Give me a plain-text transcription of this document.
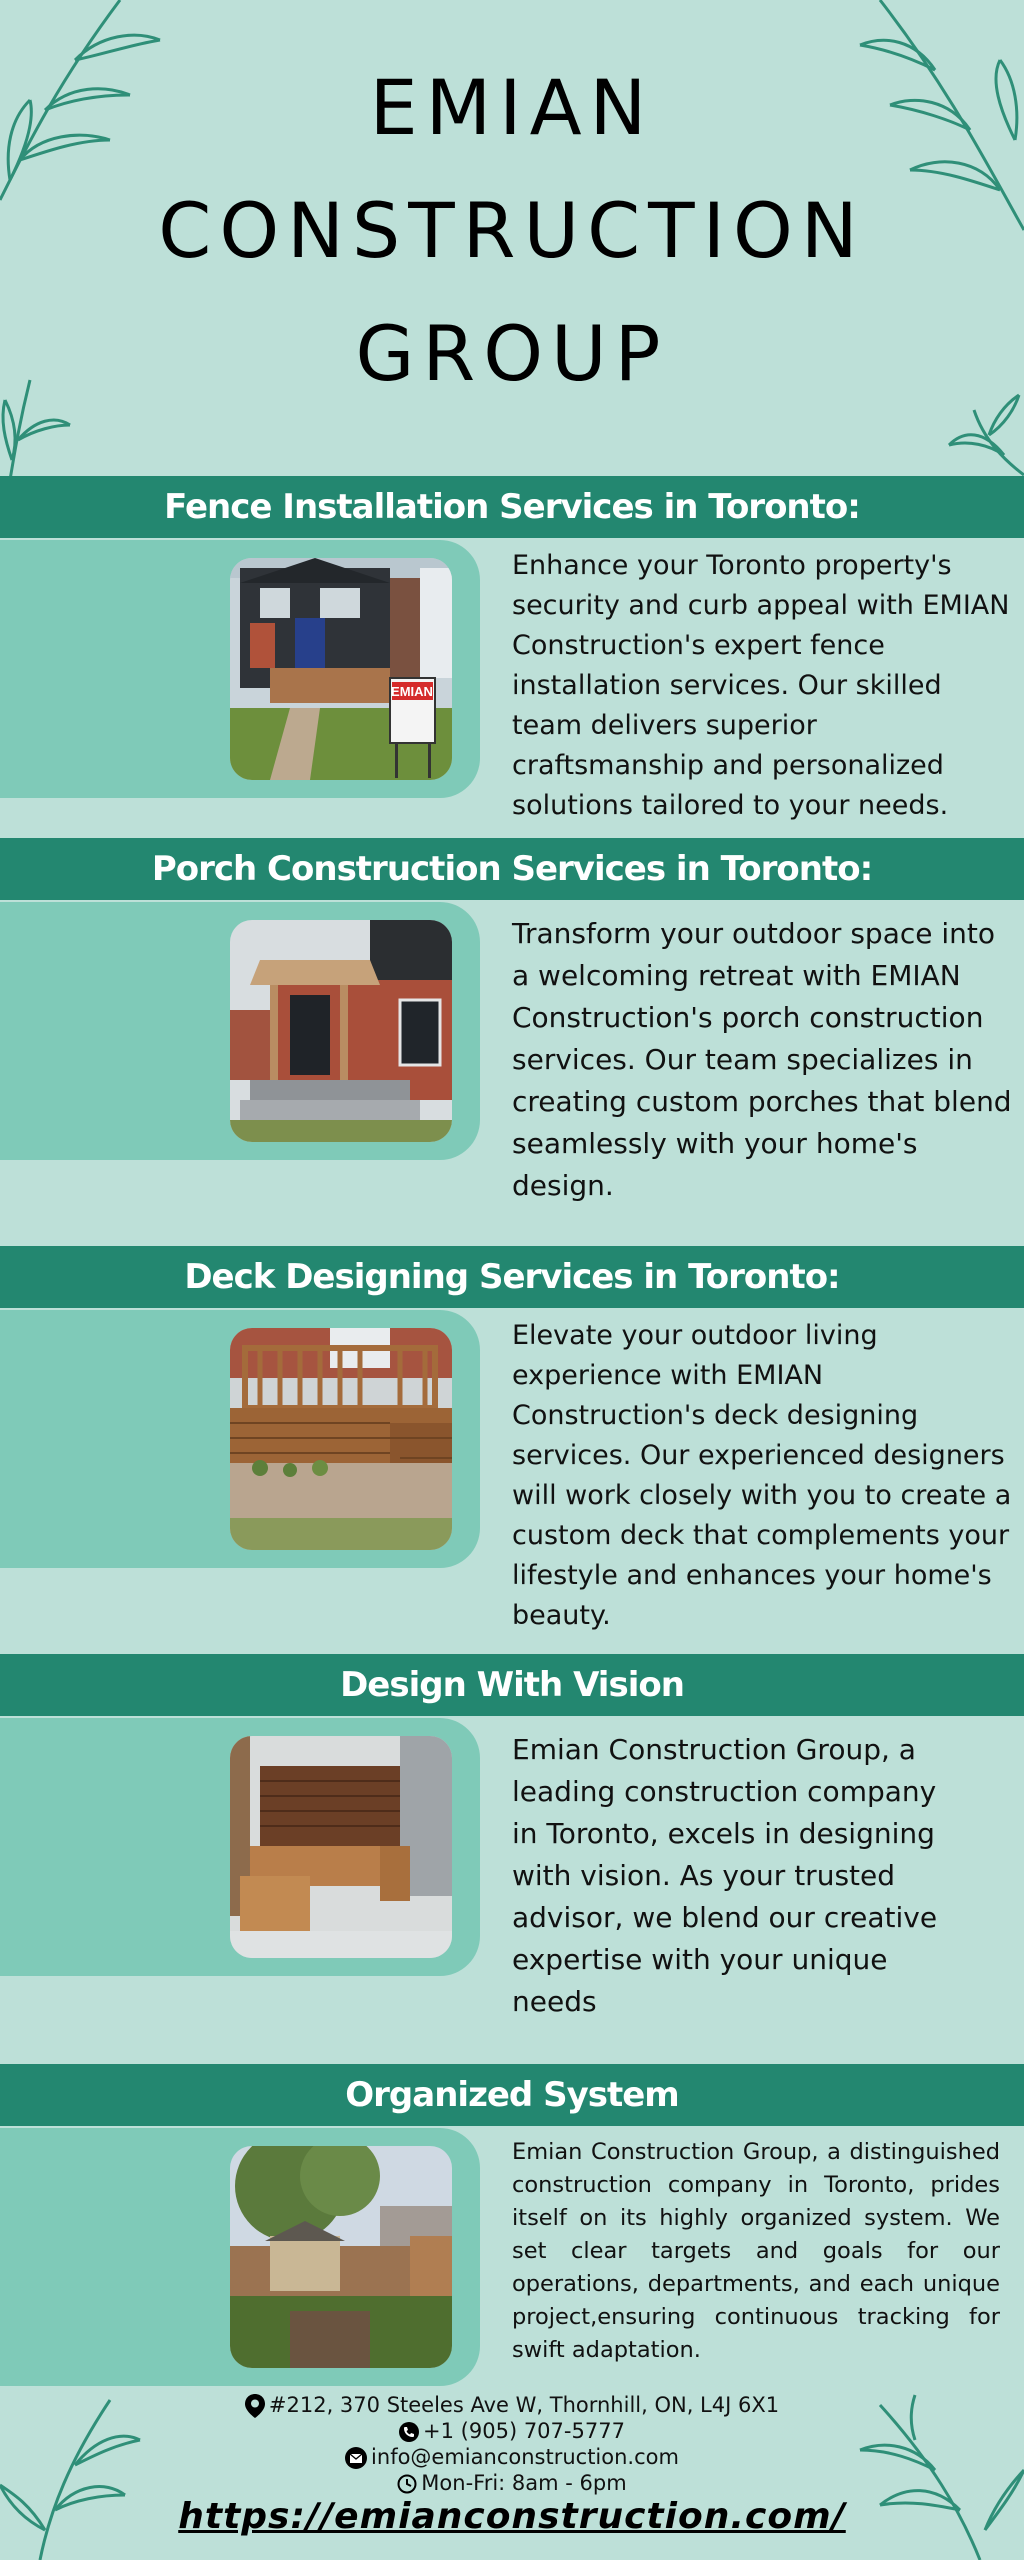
EMIAN
CONSTRUCTION
GROUP
Fence Installation Services in Toronto:
EMIAN
Enhance your Toronto property's security and curb appeal with EMIAN Construction's expert fence installation services. Our skilled team delivers superior craftsmanship and personalized solutions tailored to your needs.
Porch Construction Services in Toronto:
Transform your outdoor space into a welcoming retreat with EMIAN Construction's porch construction services. Our team specializes in creating custom porches that blend seamlessly with your home's design.
Deck Designing Services in Toronto:
Elevate your outdoor living experience with EMIAN Construction's deck designing services. Our experienced designers will work closely with you to create a custom deck that complements your lifestyle and enhances your home's beauty.
Design With Vision
Emian Construction Group, a leading construction company in Toronto, excels in designing with vision. As your trusted advisor, we blend our creative expertise with your unique needs
Organized System
Emian Construction Group, a distinguished construction company in Toronto, prides itself on its highly organized system. We set clear targets and goals for our operations, departments, and each unique project,ensuring continuous tracking for swift adaptation.
#212, 370 Steeles Ave W, Thornhill, ON, L4J 6X1
+1 (905) 707-5777
info@emianconstruction.com
Mon-Fri: 8am - 6pm
https://emianconstruction.com/
